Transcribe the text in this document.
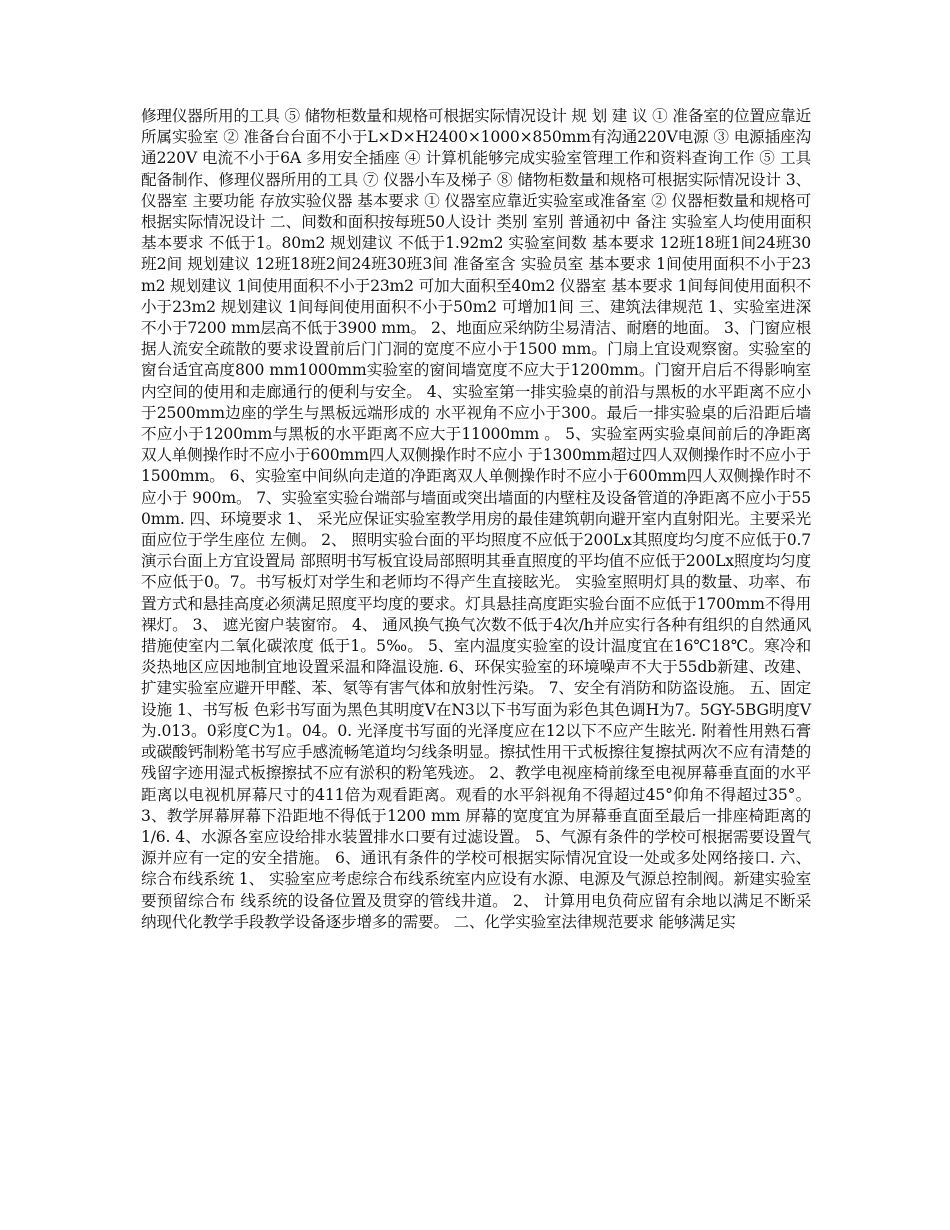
修理仪器所用的工具 ⑤ 储物柜数量和规格可根据实际情况设计 规 划 建 议 ① 准备室的位置应靠近所属实验室 ② 准备台台面不小于L×D×H2400×1000×850mm有沟通220V电源 ③ 电源插座沟通220V 电流不小于6A 多用安全插座 ④ 计算机能够完成实验室管理工作和资料查询工作 ⑤ 工具配备制作、修理仪器所用的工具 ⑦ 仪器小车及梯子 ⑧ 储物柜数量和规格可根据实际情况设计 3、仪器室 主要功能 存放实验仪器 基本要求 ① 仪器室应靠近实验室或准备室 ② 仪器柜数量和规格可根据实际情况设计 二、间数和面积按每班50人设计 类别 室别 普通初中 备注 实验室人均使用面积 基本要求 不低于1。80m2 规划建议 不低于1.92m2 实验室间数 基本要求 12班18班1间24班30班2间 规划建议 12班18班2间24班30班3间 准备室含 实验员室 基本要求 1间使用面积不小于23m2 规划建议 1间使用面积不小于23m2 可加大面积至40m2 仪器室 基本要求 1间每间使用面积不小于23m2 规划建议 1间每间使用面积不小于50m2 可增加1间 三、建筑法律规范 1、实验室进深不小于7200 mm层高不低于3900 mm。 2、地面应采纳防尘易清洁、耐磨的地面。 3、门窗应根据人流安全疏散的要求设置前后门门洞的宽度不应小于1500 mm。门扇上宜设观察窗。实验室的窗台适宜高度800 mm1000mm实验室的窗间墙宽度不应大于1200mm。门窗开启后不得影响室内空间的使用和走廊通行的便利与安全。 4、实验室第一排实验桌的前沿与黑板的水平距离不应小于2500mm边座的学生与黑板远端形成的 水平视角不应小于300。最后一排实验桌的后沿距后墙不应小于1200mm与黑板的水平距离不应大于11000mm 。 5、实验室两实验桌间前后的净距离双人单侧操作时不应小于600mm四人双侧操作时不应小 于1300mm超过四人双侧操作时不应小于1500mm。 6、实验室中间纵向走道的净距离双人单侧操作时不应小于600mm四人双侧操作时不应小于 900m。 7、实验室实验台端部与墙面或突出墙面的内壁柱及设备管道的净距离不应小于550mm. 四、环境要求 1、 采光应保证实验室教学用房的最佳建筑朝向避开室内直射阳光。主要采光面应位于学生座位 左侧。 2、 照明实验台面的平均照度不应低于200Lx其照度均匀度不应低于0.7演示台面上方宜设置局 部照明书写板宜设局部照明其垂直照度的平均值不应低于200Lx照度均匀度不应低于0。7。书写板灯对学生和老师均不得产生直接眩光。 实验室照明灯具的数量、功率、布置方式和悬挂高度必须满足照度平均度的要求。灯具悬挂高度距实验台面不应低于1700mm不得用裸灯。 3、 遮光窗户装窗帘。 4、 通风换气换气次数不低于4次/h并应实行各种有组织的自然通风措施使室内二氧化碳浓度 低于1。5‰。 5、室内温度实验室的设计温度宜在16℃18℃。寒冷和炎热地区应因地制宜地设置采温和降温设施. 6、环保实验室的环境噪声不大于55db新建、改建、扩建实验室应避开甲醛、苯、氡等有害气体和放射性污染。 7、安全有消防和防盗设施。 五、固定设施 1、书写板 色彩书写面为黑色其明度V在N3以下书写面为彩色其色调H为7。5GY-5BG明度V为.013。0彩度C为1。04。0. 光泽度书写面的光泽度应在12以下不应产生眩光. 附着性用熟石膏或碳酸钙制粉笔书写应手感流畅笔道均匀线条明显。擦拭性用干式板擦往复擦拭两次不应有清楚的残留字迹用湿式板擦擦拭不应有淤积的粉笔残迹。 2、教学电视座椅前缘至电视屏幕垂直面的水平距离以电视机屏幕尺寸的411倍为观看距离。观看的水平斜视角不得超过45°仰角不得超过35°。 3、教学屏幕屏幕下沿距地不得低于1200 mm 屏幕的宽度宜为屏幕垂直面至最后一排座椅距离的1/6. 4、水源各室应设给排水装置排水口要有过滤设置。 5、气源有条件的学校可根据需要设置气源并应有一定的安全措施。 6、通讯有条件的学校可根据实际情况宜设一处或多处网络接口. 六、综合布线系统 1、 实验室应考虑综合布线系统室内应设有水源、电源及气源总控制阀。新建实验室要预留综合布 线系统的设备位置及贯穿的管线井道。 2、 计算用电负荷应留有余地以满足不断采纳现代化教学手段教学设备逐步增多的需要。 二、化学实验室法律规范要求 能够满足实
